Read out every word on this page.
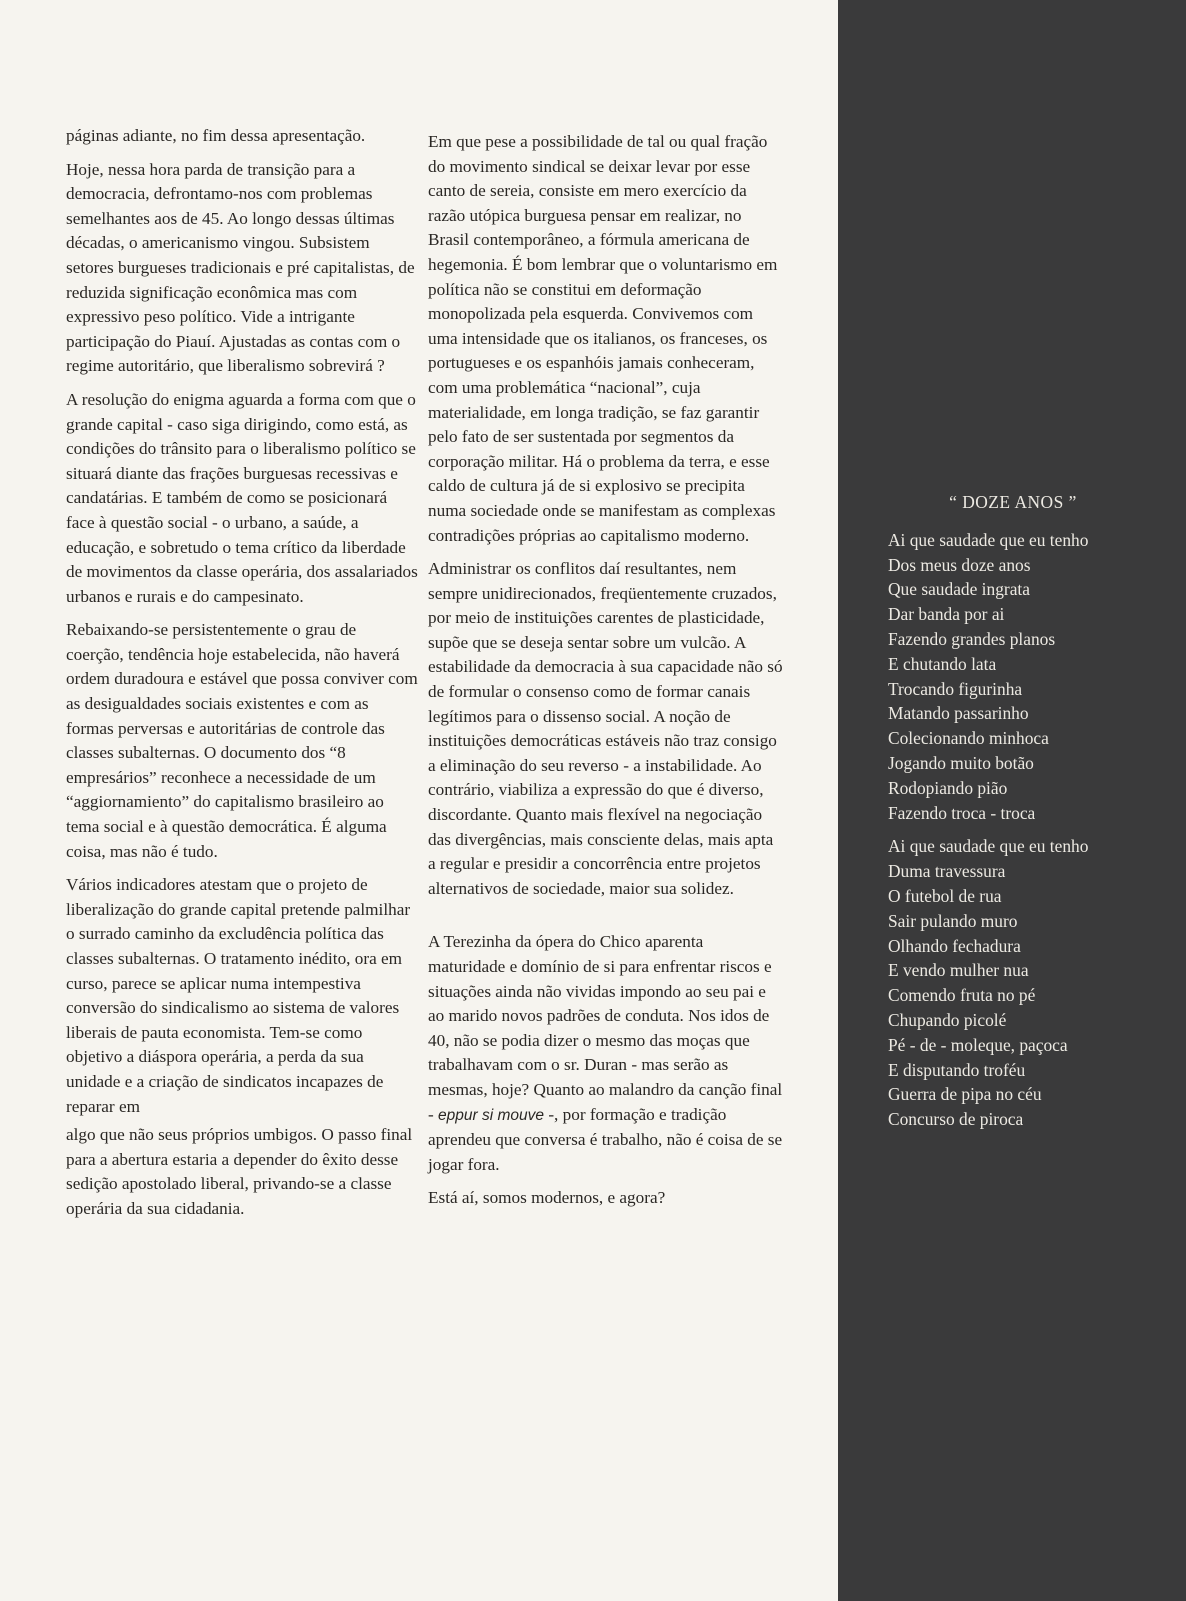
páginas adiante, no fim dessa apresentação.

Hoje, nessa hora parda de transição para a democracia, defrontamo-nos com problemas semelhantes aos de 45. Ao longo dessas últimas décadas, o americanismo vingou. Subsistem setores burgueses tradicionais e pré capitalistas, de reduzida significação econômica mas com expressivo peso político. Vide a intrigante participação do Piauí. Ajustadas as contas com o regime autoritário, que liberalismo sobrevirá ?

A resolução do enigma aguarda a forma com que o grande capital - caso siga dirigindo, como está, as condições do trânsito para o liberalismo político se situará diante das frações burguesas recessivas e candatárias. E também de como se posicionará face à questão social - o urbano, a saúde, a educação, e sobretudo o tema crítico da liberdade de movimentos da classe operária, dos assalariados urbanos e rurais e do campesinato.

Rebaixando-se persistentemente o grau de coerção, tendência hoje estabelecida, não haverá ordem duradoura e estável que possa conviver com as desigualdades sociais existentes e com as formas perversas e autoritárias de controle das classes subalternas. O documento dos “8 empresários” reconhece a necessidade de um “aggiornamiento” do capitalismo brasileiro ao tema social e à questão democrática. É alguma coisa, mas não é tudo.

Vários indicadores atestam que o projeto de liberalização do grande capital pretende palmilhar o surrado caminho da excludência política das classes subalternas. O tratamento inédito, ora em curso, parece se aplicar numa intempestiva conversão do sindicalismo ao sistema de valores liberais de pauta economista. Tem-se como objetivo a diáspora operária, a perda da sua unidade e a criação de sindicatos incapazes de reparar em

algo que não seus próprios umbigos. O passo final para a abertura estaria a depender do êxito desse sedição apostolado liberal, privando-se a classe operária da sua cidadania.

Em que pese a possibilidade de tal ou qual fração do movimento sindical se deixar levar por esse canto de sereia, consiste em mero exercício da razão utópica burguesa pensar em realizar, no Brasil contemporâneo, a fórmula americana de hegemonia. É bom lembrar que o voluntarismo em política não se constitui em deformação monopolizada pela esquerda. Convivemos com uma intensidade que os italianos, os franceses, os portugueses e os espanhóis jamais conheceram, com uma problemática “nacional”, cuja materialidade, em longa tradição, se faz garantir pelo fato de ser sustentada por segmentos da corporação militar. Há o problema da terra, e esse caldo de cultura já de si explosivo se precipita numa sociedade onde se manifestam as complexas contradições próprias ao capitalismo moderno.

Administrar os conflitos daí resultantes, nem sempre unidirecionados, freqüentemente cruzados, por meio de instituições carentes de plasticidade, supõe que se deseja sentar sobre um vulcão. A estabilidade da democracia à sua capacidade não só de formular o consenso como de formar canais legítimos para o dissenso social. A noção de instituições democráticas estáveis não traz consigo a eliminação do seu reverso - a instabilidade. Ao contrário, viabiliza a expressão do que é diverso, discordante. Quanto mais flexível na negociação das divergências, mais consciente delas, mais apta a regular e presidir a concorrência entre projetos alternativos de sociedade, maior sua solidez.

A Terezinha da ópera do Chico aparenta maturidade e domínio de si para enfrentar riscos e situações ainda não vividas impondo ao seu pai e ao marido novos padrões de conduta. Nos idos de 40, não se podia dizer o mesmo das moças que trabalhavam com o sr. Duran - mas serão as mesmas, hoje? Quanto ao malandro da canção final - eppur si mouve -, por formação e tradição aprendeu que conversa é trabalho, não é coisa de se jogar fora.

Está aí, somos modernos, e agora?

“ DOZE ANOS ”
Ai que saudade que eu tenho
Dos meus doze anos
Que saudade ingrata
Dar banda por ai
Fazendo grandes planos
E chutando lata
Trocando figurinha
Matando passarinho
Colecionando minhoca
Jogando muito botão
Rodopiando pião
Fazendo troca - troca
Ai que saudade que eu tenho
Duma travessura
O futebol de rua
Sair pulando muro
Olhando fechadura
E vendo mulher nua
Comendo fruta no pé
Chupando picolé
Pé - de - moleque, paçoca
E disputando troféu
Guerra de pipa no céu
Concurso de piroca
